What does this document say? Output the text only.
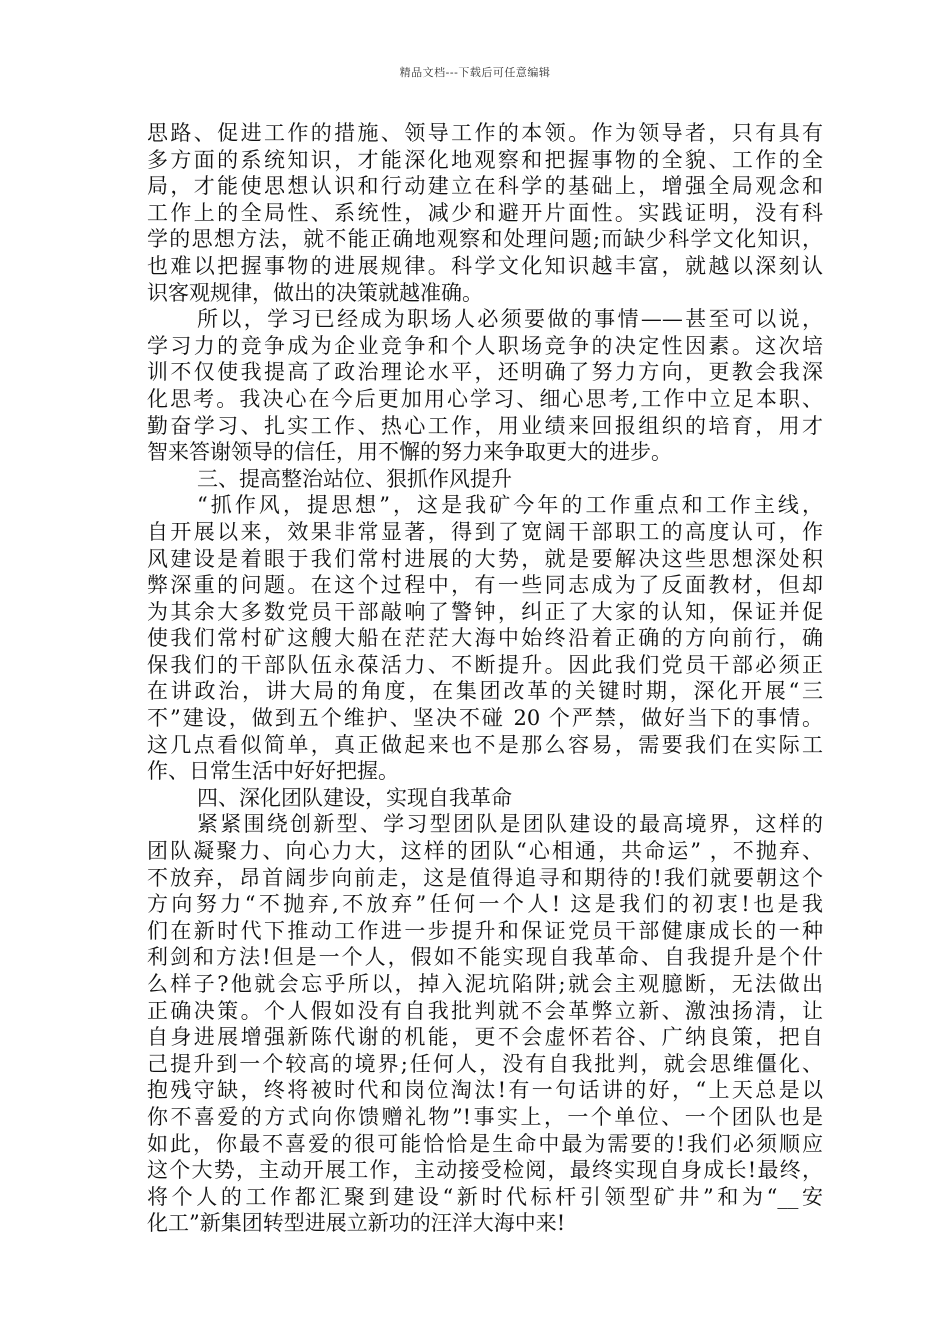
精品文档---下载后可任意编辑
思路、促进工作的措施、领导工作的本领。作为领导者，只有具有
多方面的系统知识，才能深化地观察和把握事物的全貌、工作的全
局，才能使思想认识和行动建立在科学的基础上，增强全局观念和
工作上的全局性、系统性，减少和避开片面性。实践证明，没有科
学的思想方法，就不能正确地观察和处理问题;而缺少科学文化知识，
也难以把握事物的进展规律。科学文化知识越丰富，就越以深刻认
识客观规律，做出的决策就越准确。
所以，学习已经成为职场人必须要做的事情——甚至可以说，
学习力的竞争成为企业竞争和个人职场竞争的决定性因素。这次培
训不仅使我提高了政治理论水平，还明确了努力方向，更教会我深
化思考。我决心在今后更加用心学习、细心思考,工作中立足本职、
勤奋学习、扎实工作、热心工作，用业绩来回报组织的培育，用才
智来答谢领导的信任，用不懈的努力来争取更大的进步。
三、提高整治站位、狠抓作风提升
“抓作风，提思想”，这是我矿今年的工作重点和工作主线，
自开展以来，效果非常显著，得到了宽阔干部职工的高度认可，作
风建设是着眼于我们常村进展的大势，就是要解决这些思想深处积
弊深重的问题。在这个过程中，有一些同志成为了反面教材，但却
为其余大多数党员干部敲响了警钟，纠正了大家的认知，保证并促
使我们常村矿这艘大船在茫茫大海中始终沿着正确的方向前行，确
保我们的干部队伍永葆活力、不断提升。因此我们党员干部必须正
在讲政治，讲大局的角度，在集团改革的关键时期，深化开展“三
不”建设，做到五个维护、坚决不碰 20 个严禁，做好当下的事情。
这几点看似简单，真正做起来也不是那么容易，需要我们在实际工
作、日常生活中好好把握。
四、深化团队建设，实现自我革命
紧紧围绕创新型、学习型团队是团队建设的最高境界，这样的
团队凝聚力、向心力大，这样的团队“心相通，共命运” ，不抛弃、
不放弃，昂首阔步向前走，这是值得追寻和期待的!我们就要朝这个
方向努力“不抛弃,不放弃”任何一个人! 这是我们的初衷!也是我
们在新时代下推动工作进一步提升和保证党员干部健康成长的一种
利剑和方法!但是一个人，假如不能实现自我革命、自我提升是个什
么样子?他就会忘乎所以，掉入泥坑陷阱;就会主观臆断，无法做出
正确决策。个人假如没有自我批判就不会革弊立新、激浊扬清，让
自身进展增强新陈代谢的机能，更不会虚怀若谷、广纳良策，把自
己提升到一个较高的境界;任何人，没有自我批判，就会思维僵化、
抱残守缺，终将被时代和岗位淘汰!有一句话讲的好，“上天总是以
你不喜爱的方式向你馈赠礼物”!事实上，一个单位、一个团队也是
如此，你最不喜爱的很可能恰恰是生命中最为需要的!我们必须顺应
这个大势，主动开展工作，主动接受检阅，最终实现自身成长!最终，
将个人的工作都汇聚到建设“新时代标杆引领型矿井”和为“__安
化工”新集团转型进展立新功的汪洋大海中来!
